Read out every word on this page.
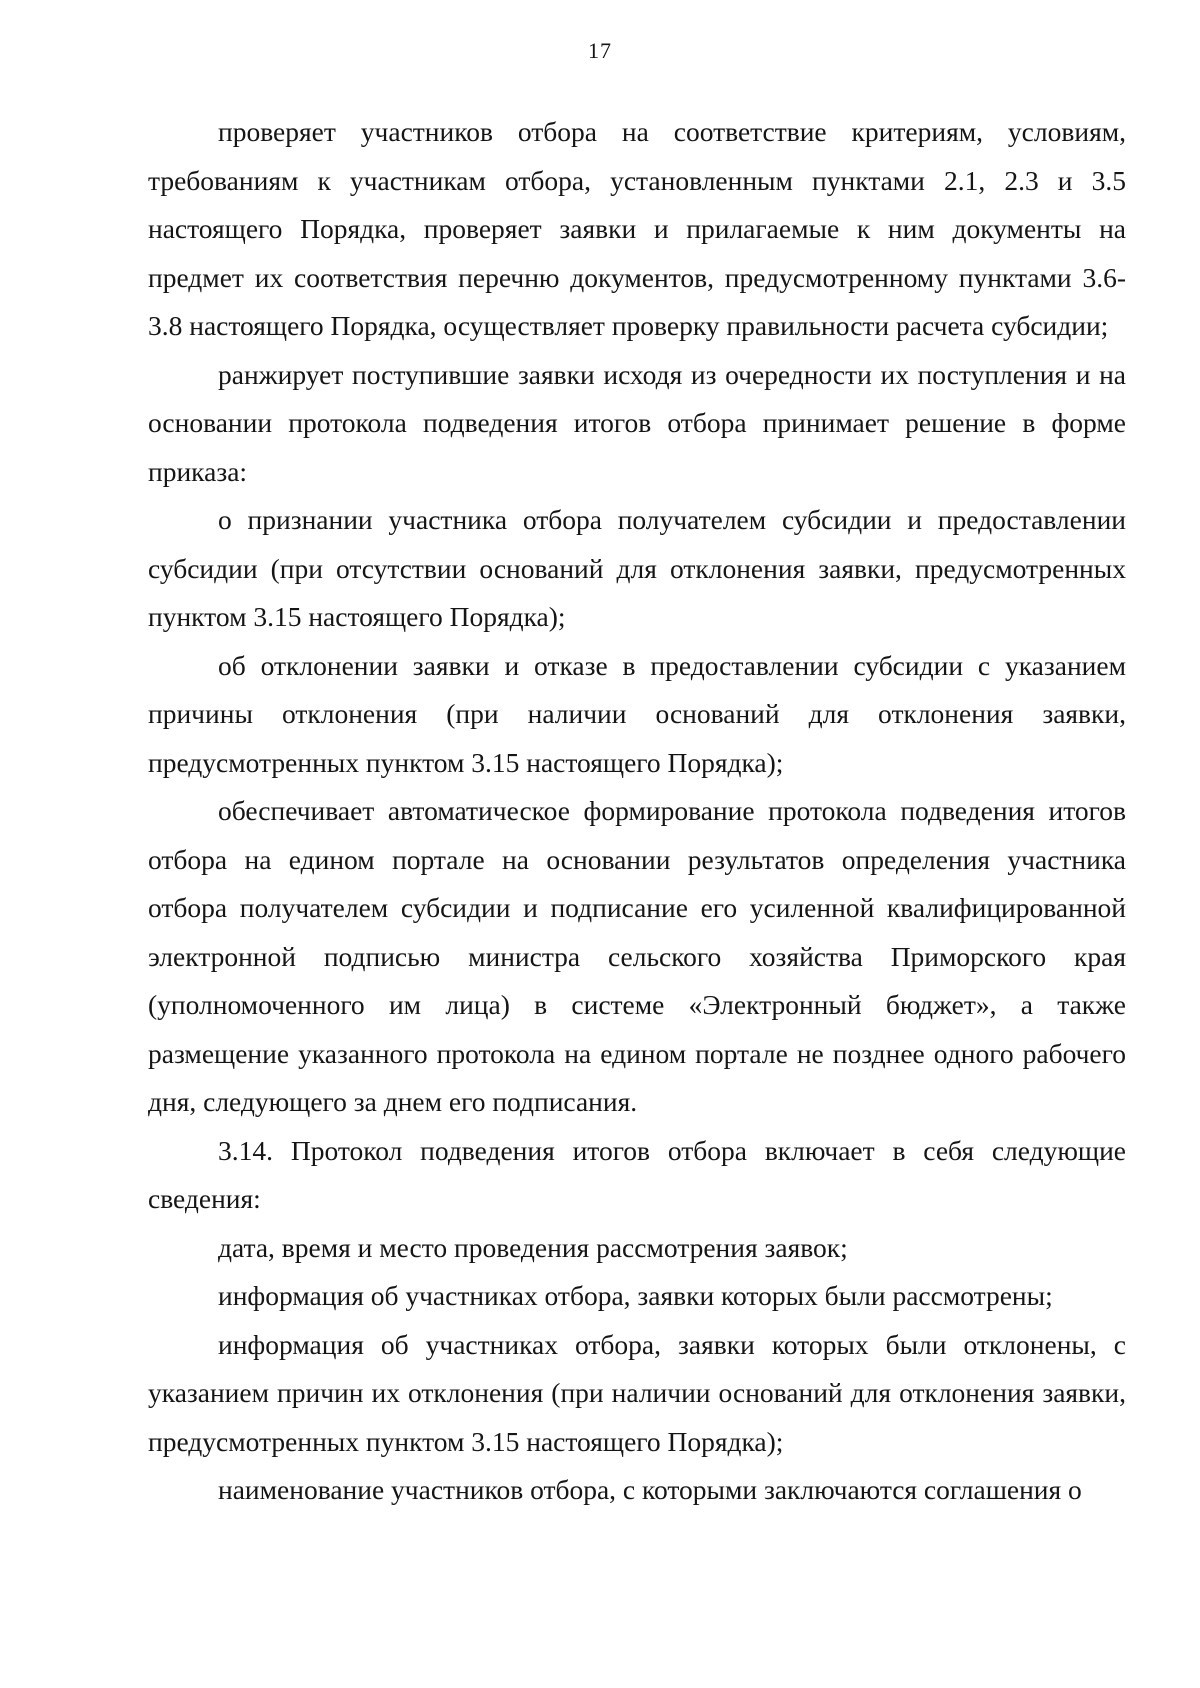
17

проверяет участников отбора на соответствие критериям, условиям, требованиям к участникам отбора, установленным пунктами 2.1, 2.3 и 3.5 настоящего Порядка, проверяет заявки и прилагаемые к ним документы на предмет их соответствия перечню документов, предусмотренному пунктами 3.6-3.8 настоящего Порядка, осуществляет проверку правильности расчета субсидии;

ранжирует поступившие заявки исходя из очередности их поступления и на основании протокола подведения итогов отбора принимает решение в форме приказа:

о признании участника отбора получателем субсидии и предоставлении субсидии (при отсутствии оснований для отклонения заявки, предусмотренных пунктом 3.15 настоящего Порядка);

об отклонении заявки и отказе в предоставлении субсидии с указанием причины отклонения (при наличии оснований для отклонения заявки, предусмотренных пунктом 3.15 настоящего Порядка);

обеспечивает автоматическое формирование протокола подведения итогов отбора на едином портале на основании результатов определения участника отбора получателем субсидии и подписание его усиленной квалифицированной электронной подписью министра сельского хозяйства Приморского края (уполномоченного им лица) в системе «Электронный бюджет», а также размещение указанного протокола на едином портале не позднее одного рабочего дня, следующего за днем его подписания.

3.14. Протокол подведения итогов отбора включает в себя следующие сведения:

дата, время и место проведения рассмотрения заявок;

информация об участниках отбора, заявки которых были рассмотрены;

информация об участниках отбора, заявки которых были отклонены, с указанием причин их отклонения (при наличии оснований для отклонения заявки, предусмотренных пунктом 3.15 настоящего Порядка);

наименование участников отбора, с которыми заключаются соглашения о
